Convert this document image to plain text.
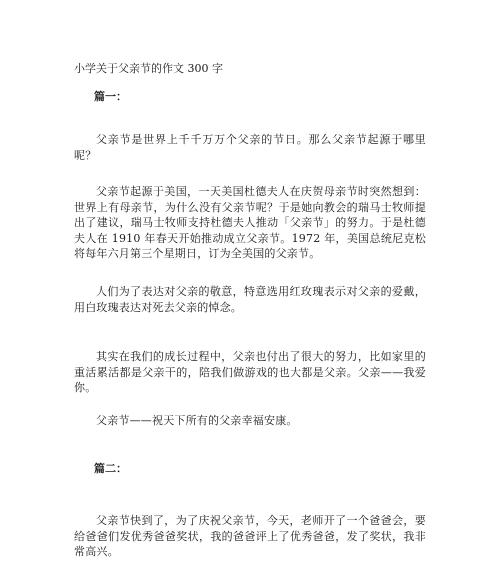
小学关于父亲节的作文 300 字
篇一：

父亲节是世界上千千万万个父亲的节日。那么父亲节起源于哪里呢？

父亲节起源于美国，一天美国杜德夫人在庆贺母亲节时突然想到：世界上有母亲节，为什么没有父亲节呢？于是她向教会的瑞马士牧师提出了建议，瑞马士牧师支持杜德夫人推动「父亲节」的努力。于是杜德夫人在 1910 年春天开始推动成立父亲节。1972 年，美国总统尼克松将每年六月第三个星期日，订为全美国的父亲节。

人们为了表达对父亲的敬意，特意选用红玫瑰表示对父亲的爱戴，用白玫瑰表达对死去父亲的悼念。

其实在我们的成长过程中，父亲也付出了很大的努力，比如家里的重活累活都是父亲干的，陪我们做游戏的也大都是父亲。父亲——我爱你。

父亲节——祝天下所有的父亲幸福安康。

篇二：

父亲节快到了，为了庆祝父亲节，今天，老师开了一个爸爸会，要给爸爸们发优秀爸爸奖状，我的爸爸评上了优秀爸爸，发了奖状，我非常高兴。
